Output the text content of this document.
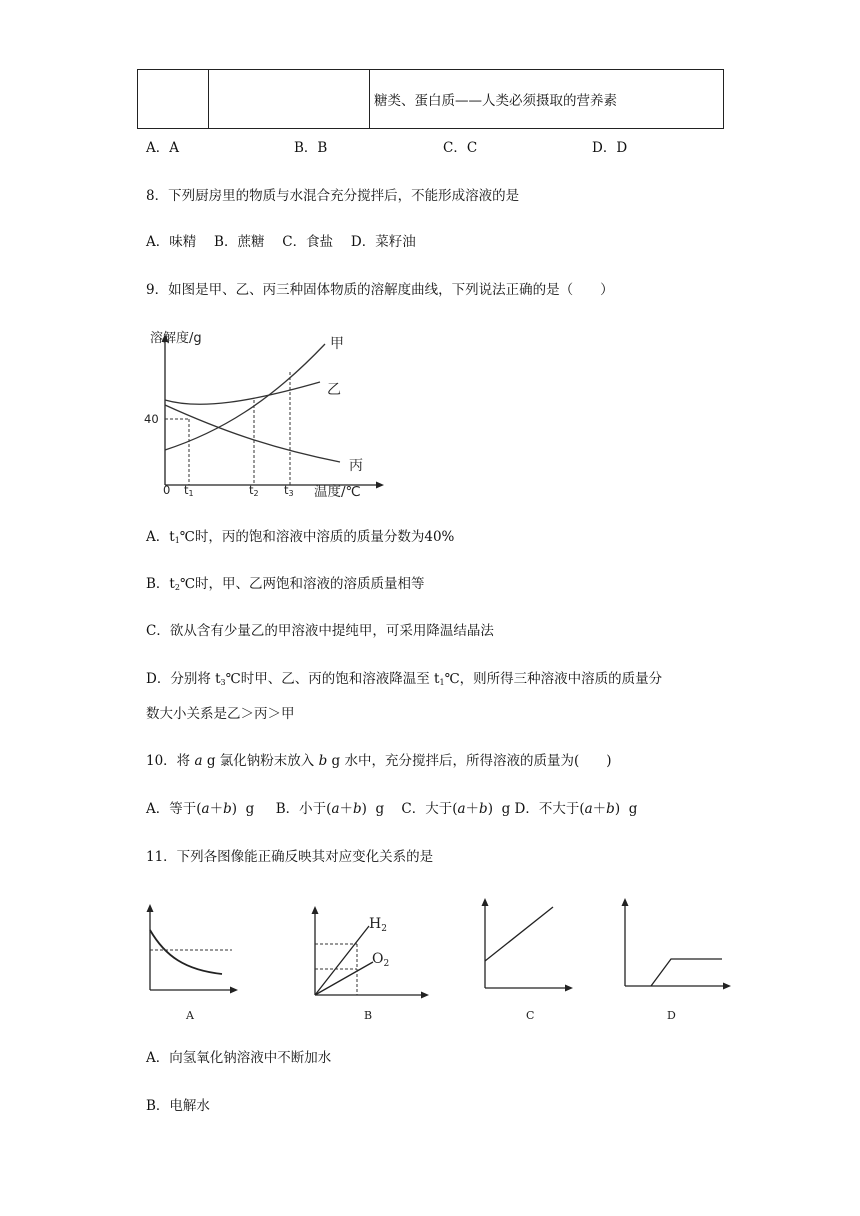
		糖类、蛋白质——人类必须摄取的营养素
A．A	B．B	C．C	D．D
8．下列厨房里的物质与水混合充分搅拌后，不能形成溶液的是
A．味精　 B．蔗糖　 C．食盐　 D．菜籽油
9．如图是甲、乙、丙三种固体物质的溶解度曲线，下列说法正确的是（　　）
溶解度/g
40
0 t1	t2 t3 温度/℃
甲
乙
丙
A．$t_1℃$时，丙的饱和溶液中溶质的质量分数为40%
B．$t_2℃$时，甲、乙两饱和溶液的溶质质量相等
C．欲从含有少量乙的甲溶液中提纯甲，可采用降温结晶法
D．分别将 $t_3℃$时甲、乙、丙的饱和溶液降温至 $t_1℃$，则所得三种溶液中溶质的质量分
数大小关系是乙＞丙＞甲
10．将 a g 氯化钠粉末放入 b g 水中，充分搅拌后，所得溶液的质量为(　　)
A．等于(a＋b) g B．小于(a＋b) g C．大于(a＋b) g D．不大于(a＋b) g
11．下列各图像能正确反映其对应变化关系的是
A
$H_2$
$O_2$
B	C	D
A．向氢氧化钠溶液中不断加水
B．电解水
